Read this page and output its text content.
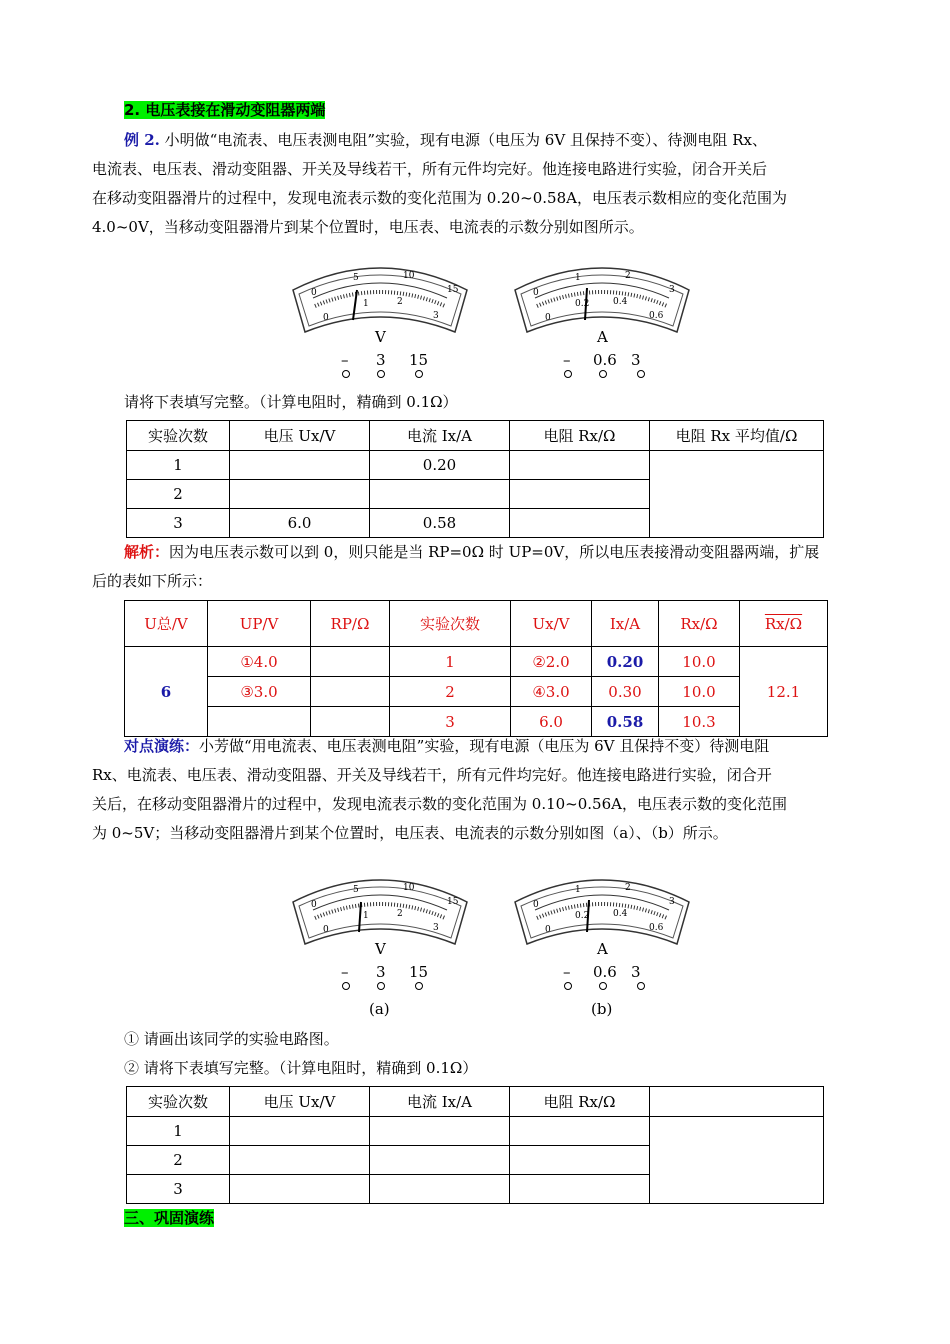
2. 电压表接在滑动变阻器两端
例 2. 小明做“电流表、电压表测电阻”实验，现有电源（电压为 6V 且保持不变）、待测电阻 Rx、
电流表、电压表、滑动变阻器、开关及导线若干，所有元件均完好。他连接电路进行实验，闭合开关后
在移动变阻器滑片的过程中，发现电流表示数的变化范围为 0.20~0.58A，电压表示数相应的变化范围为
4.0~0V，当移动变阻器滑片到某个位置时，电压表、电流表的示数分别如图所示。
0
5	10
15
0
1	2
3
V
– 3 15
0
1	2
3
0
0.2	0.4
0.6
A
– 0.6 3
请将下表填写完整。（计算电阻时，精确到 0.1Ω）
实验次数	电压 Ux/V	电流 Ix/A	电阻 Rx/Ω	电阻 Rx 平均值/Ω
1		0.20		
2				
3	6.0	0.58		
解析：因为电压表示数可以到 0，则只能是当 RP=0Ω 时 UP=0V，所以电压表接滑动变阻器两端，扩展
后的表如下所示：
U总/V	UP/V	RP/Ω	实验次数	Ux/V	Ix/A	Rx/Ω	Rx/Ω
6	①4.0		1	②2.0	0.20	10.0	12.1
	③3.0		2	④3.0	0.30	10.0	
			3	6.0	0.58	10.3	
对点演练：小芳做“用电流表、电压表测电阻”实验，现有电源（电压为 6V 且保持不变）待测电阻
Rx、电流表、电压表、滑动变阻器、开关及导线若干，所有元件均完好。他连接电路进行实验，闭合开
关后，在移动变阻器滑片的过程中，发现电流表示数的变化范围为 0.10~0.56A，电压表示数的变化范围
为 0~5V；当移动变阻器滑片到某个位置时，电压表、电流表的示数分别如图（a）、（b）所示。
0
5	10
15
0
1	2
3
V
– 3 15
(a)
0
1	2
3
0
0.2	0.4
0.6
A
– 0.6 3
(b)
① 请画出该同学的实验电路图。
② 请将下表填写完整。（计算电阻时，精确到 0.1Ω）
实验次数	电压 Ux/V	电流 Ix/A	电阻 Rx/Ω	
1				
2				
3				
三、巩固演练
